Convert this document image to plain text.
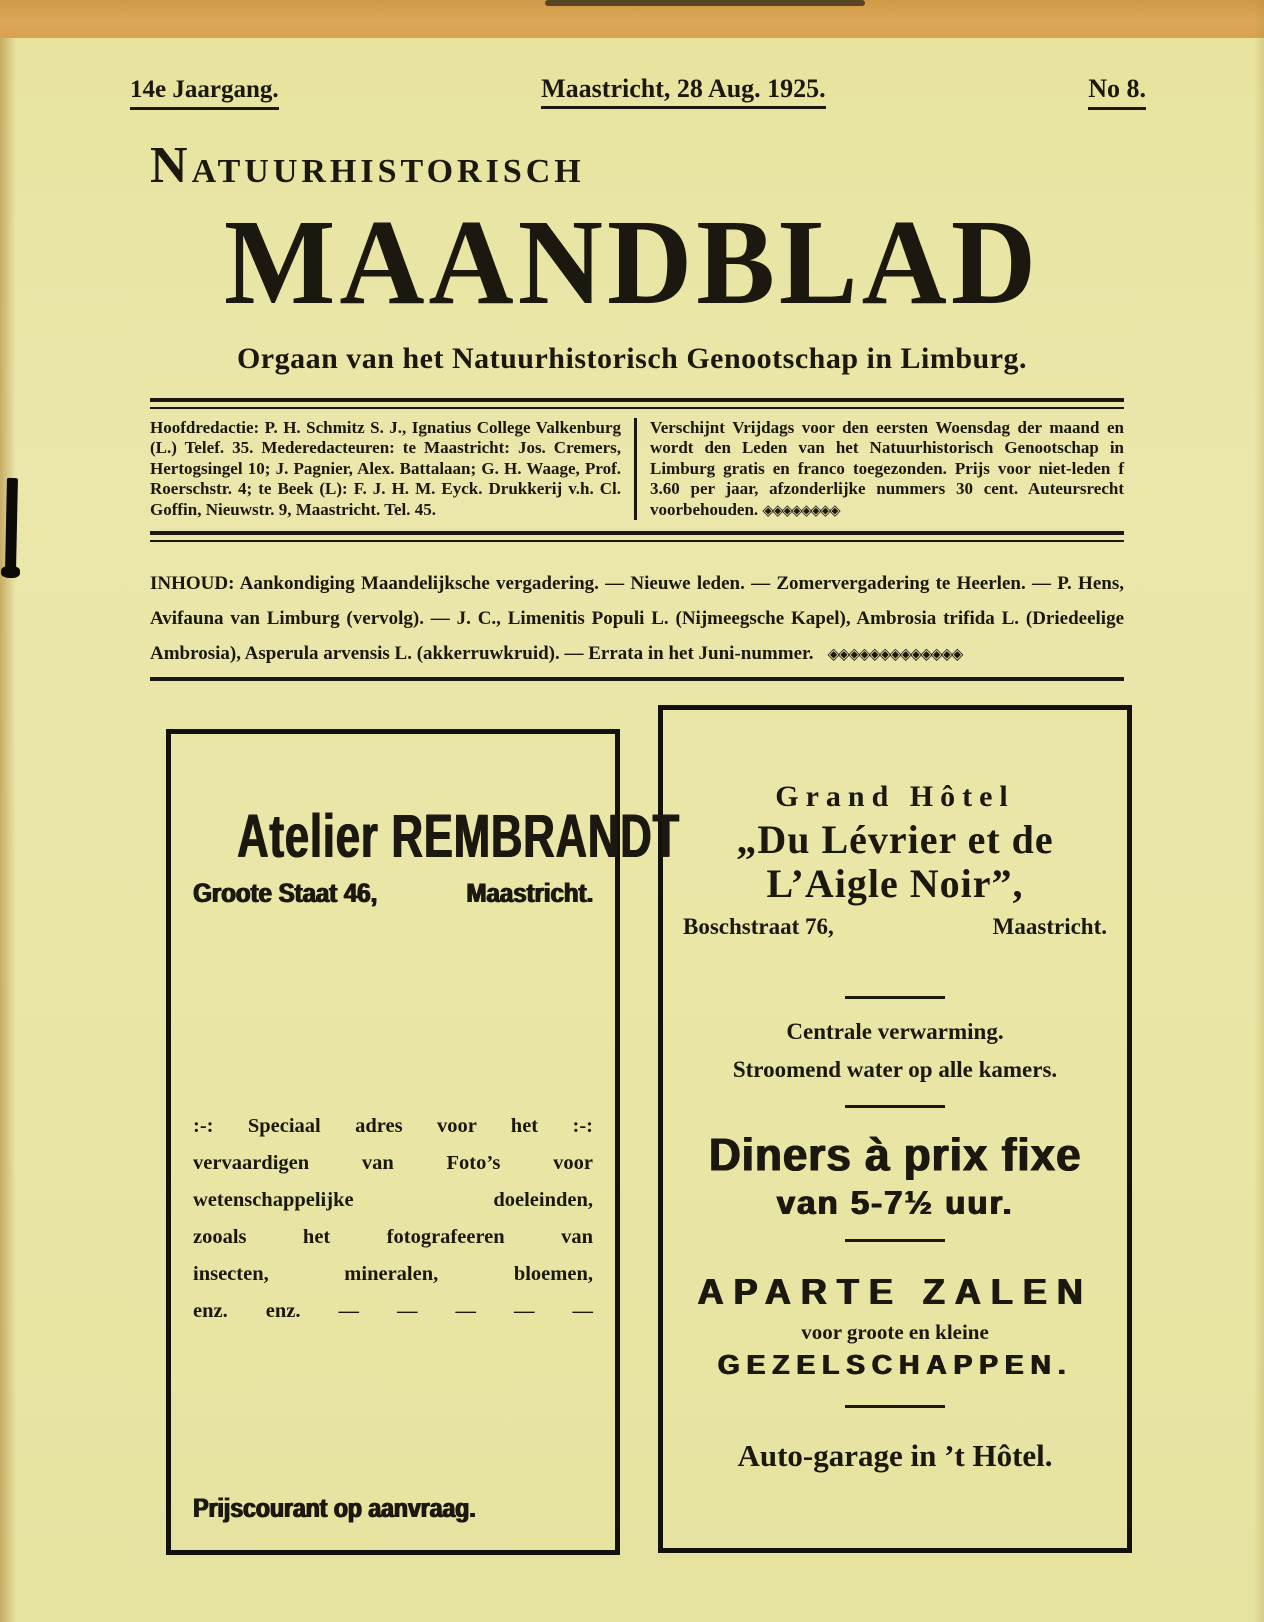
14e Jaargang.	Maastricht, 28 Aug. 1925.	No 8.
NATUURHISTORISCH
MAANDBLAD
Orgaan van het Natuurhistorisch Genootschap in Limburg.
Hoofdredactie: P. H. Schmitz S. J., Ignatius College Valkenburg (L.) Telef. 35. Mederedacteuren: te Maastricht: Jos. Cremers, Hertogsingel 10; J. Pagnier, Alex. Battalaan; G. H. Waage, Prof. Roerschstr. 4; te Beek (L): F. J. H. M. Eyck. Drukkerij v.h. Cl. Goffin, Nieuwstr. 9, Maastricht. Tel. 45.
Verschijnt Vrijdags voor den eersten Woensdag der maand en wordt den Leden van het Natuurhistorisch Genootschap in Limburg gratis en franco toegezonden. Prijs voor niet-leden f 3.60 per jaar, afzonderlijke nummers 30 cent. Auteursrecht voorbehouden. ◈◈◈◈◈◈◈◈
INHOUD: Aankondiging Maandelijksche vergadering. — Nieuwe leden. — Zomervergadering te Heerlen. — P. Hens, Avifauna van Limburg (vervolg). — J. C., Limenitis Populi L. (Nijmeegsche Kapel), Ambrosia trifida L. (Driedeelige Ambrosia), Asperula arvensis L. (akkerruwkruid). — Errata in het Juni-nummer. ◈◈◈◈◈◈◈◈◈◈◈◈◈
Atelier REMBRANDT
Groote Staat 46,	Maastricht.
:-: Speciaal adres voor het :-:
vervaardigen van Foto’s voor
wetenschappelijke doeleinden,
zooals het fotografeeren van
insecten, mineralen, bloemen,
enz. enz. — — — — —
Prijscourant op aanvraag.
Grand Hôtel
„Du Lévrier et de
L’Aigle Noir”,
Boschstraat 76,	Maastricht.
Centrale verwarming.
Stroomend water op alle kamers.
Diners à prix fixe
van 5-7½ uur.
APARTE ZALEN
voor groote en kleine
GEZELSCHAPPEN.
Auto-garage in ’t Hôtel.
